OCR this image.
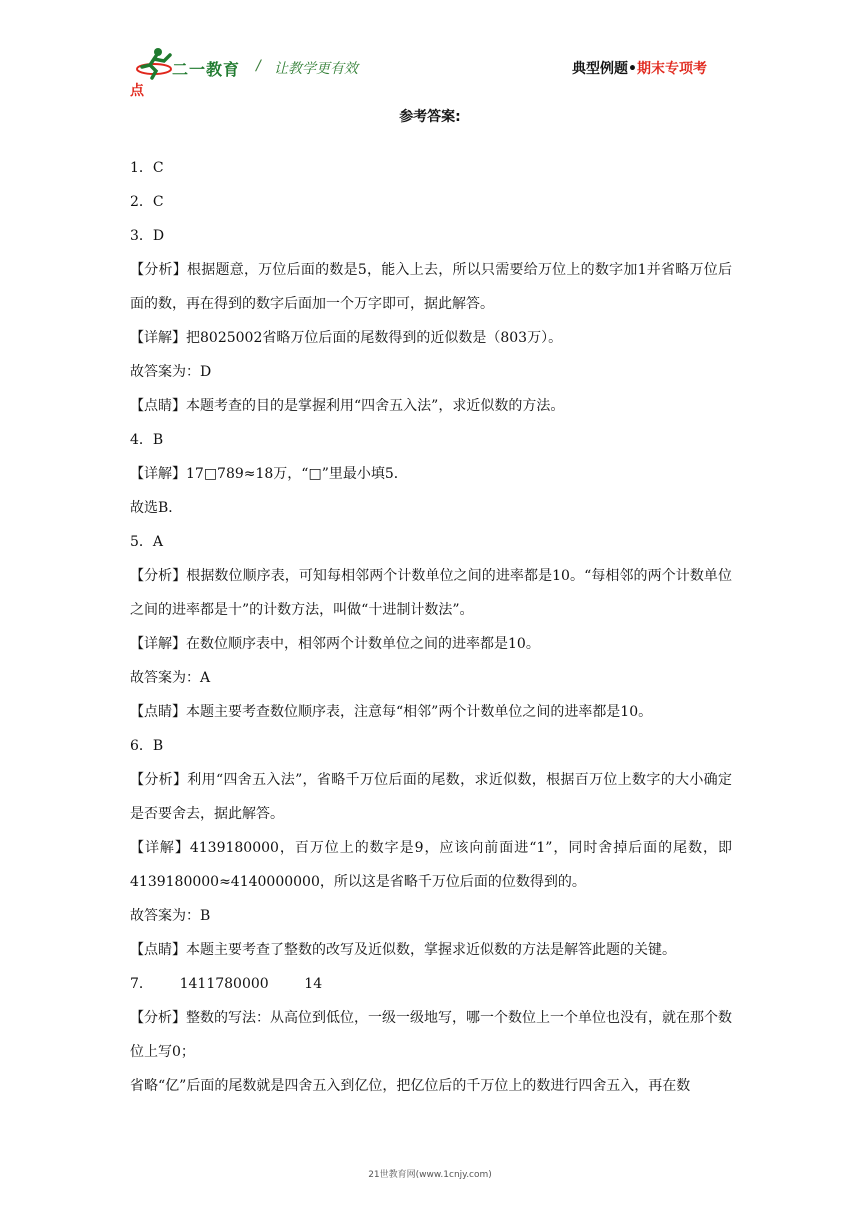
二一教育 / 让教学更有效	典型例题•期末专项考
点
参考答案:
1．C
2．C
3．D
【分析】根据题意，万位后面的数是5，能入上去，所以只需要给万位上的数字加1并省略万位后面的数，再在得到的数字后面加一个万字即可，据此解答。
【详解】把8025002省略万位后面的尾数得到的近似数是（803万）。
故答案为：D
【点睛】本题考查的目的是掌握利用“四舍五入法”，求近似数的方法。
4．B
【详解】17□789≈18万，“□”里最小填5．
故选B．
5．A
【分析】根据数位顺序表，可知每相邻两个计数单位之间的进率都是10。“每相邻的两个计数单位之间的进率都是十”的计数方法，叫做“十进制计数法”。
【详解】在数位顺序表中，相邻两个计数单位之间的进率都是10。
故答案为：A
【点睛】本题主要考查数位顺序表，注意每“相邻”两个计数单位之间的进率都是10。
6．B
【分析】利用“四舍五入法”，省略千万位后面的尾数，求近似数，根据百万位上数字的大小确定是否要舍去，据此解答。
【详解】4139180000，百万位上的数字是9，应该向前面进“1”，同时舍掉后面的尾数，即4139180000≈4140000000，所以这是省略千万位后面的位数得到的。
故答案为：B
【点睛】本题主要考查了整数的改写及近似数，掌握求近似数的方法是解答此题的关键。
7．      1411780000        14
【分析】整数的写法：从高位到低位，一级一级地写，哪一个数位上一个单位也没有，就在那个数位上写0；
省略“亿”后面的尾数就是四舍五入到亿位，把亿位后的千万位上的数进行四舍五入，再在数
21世教育网(www.1cnjy.com)
